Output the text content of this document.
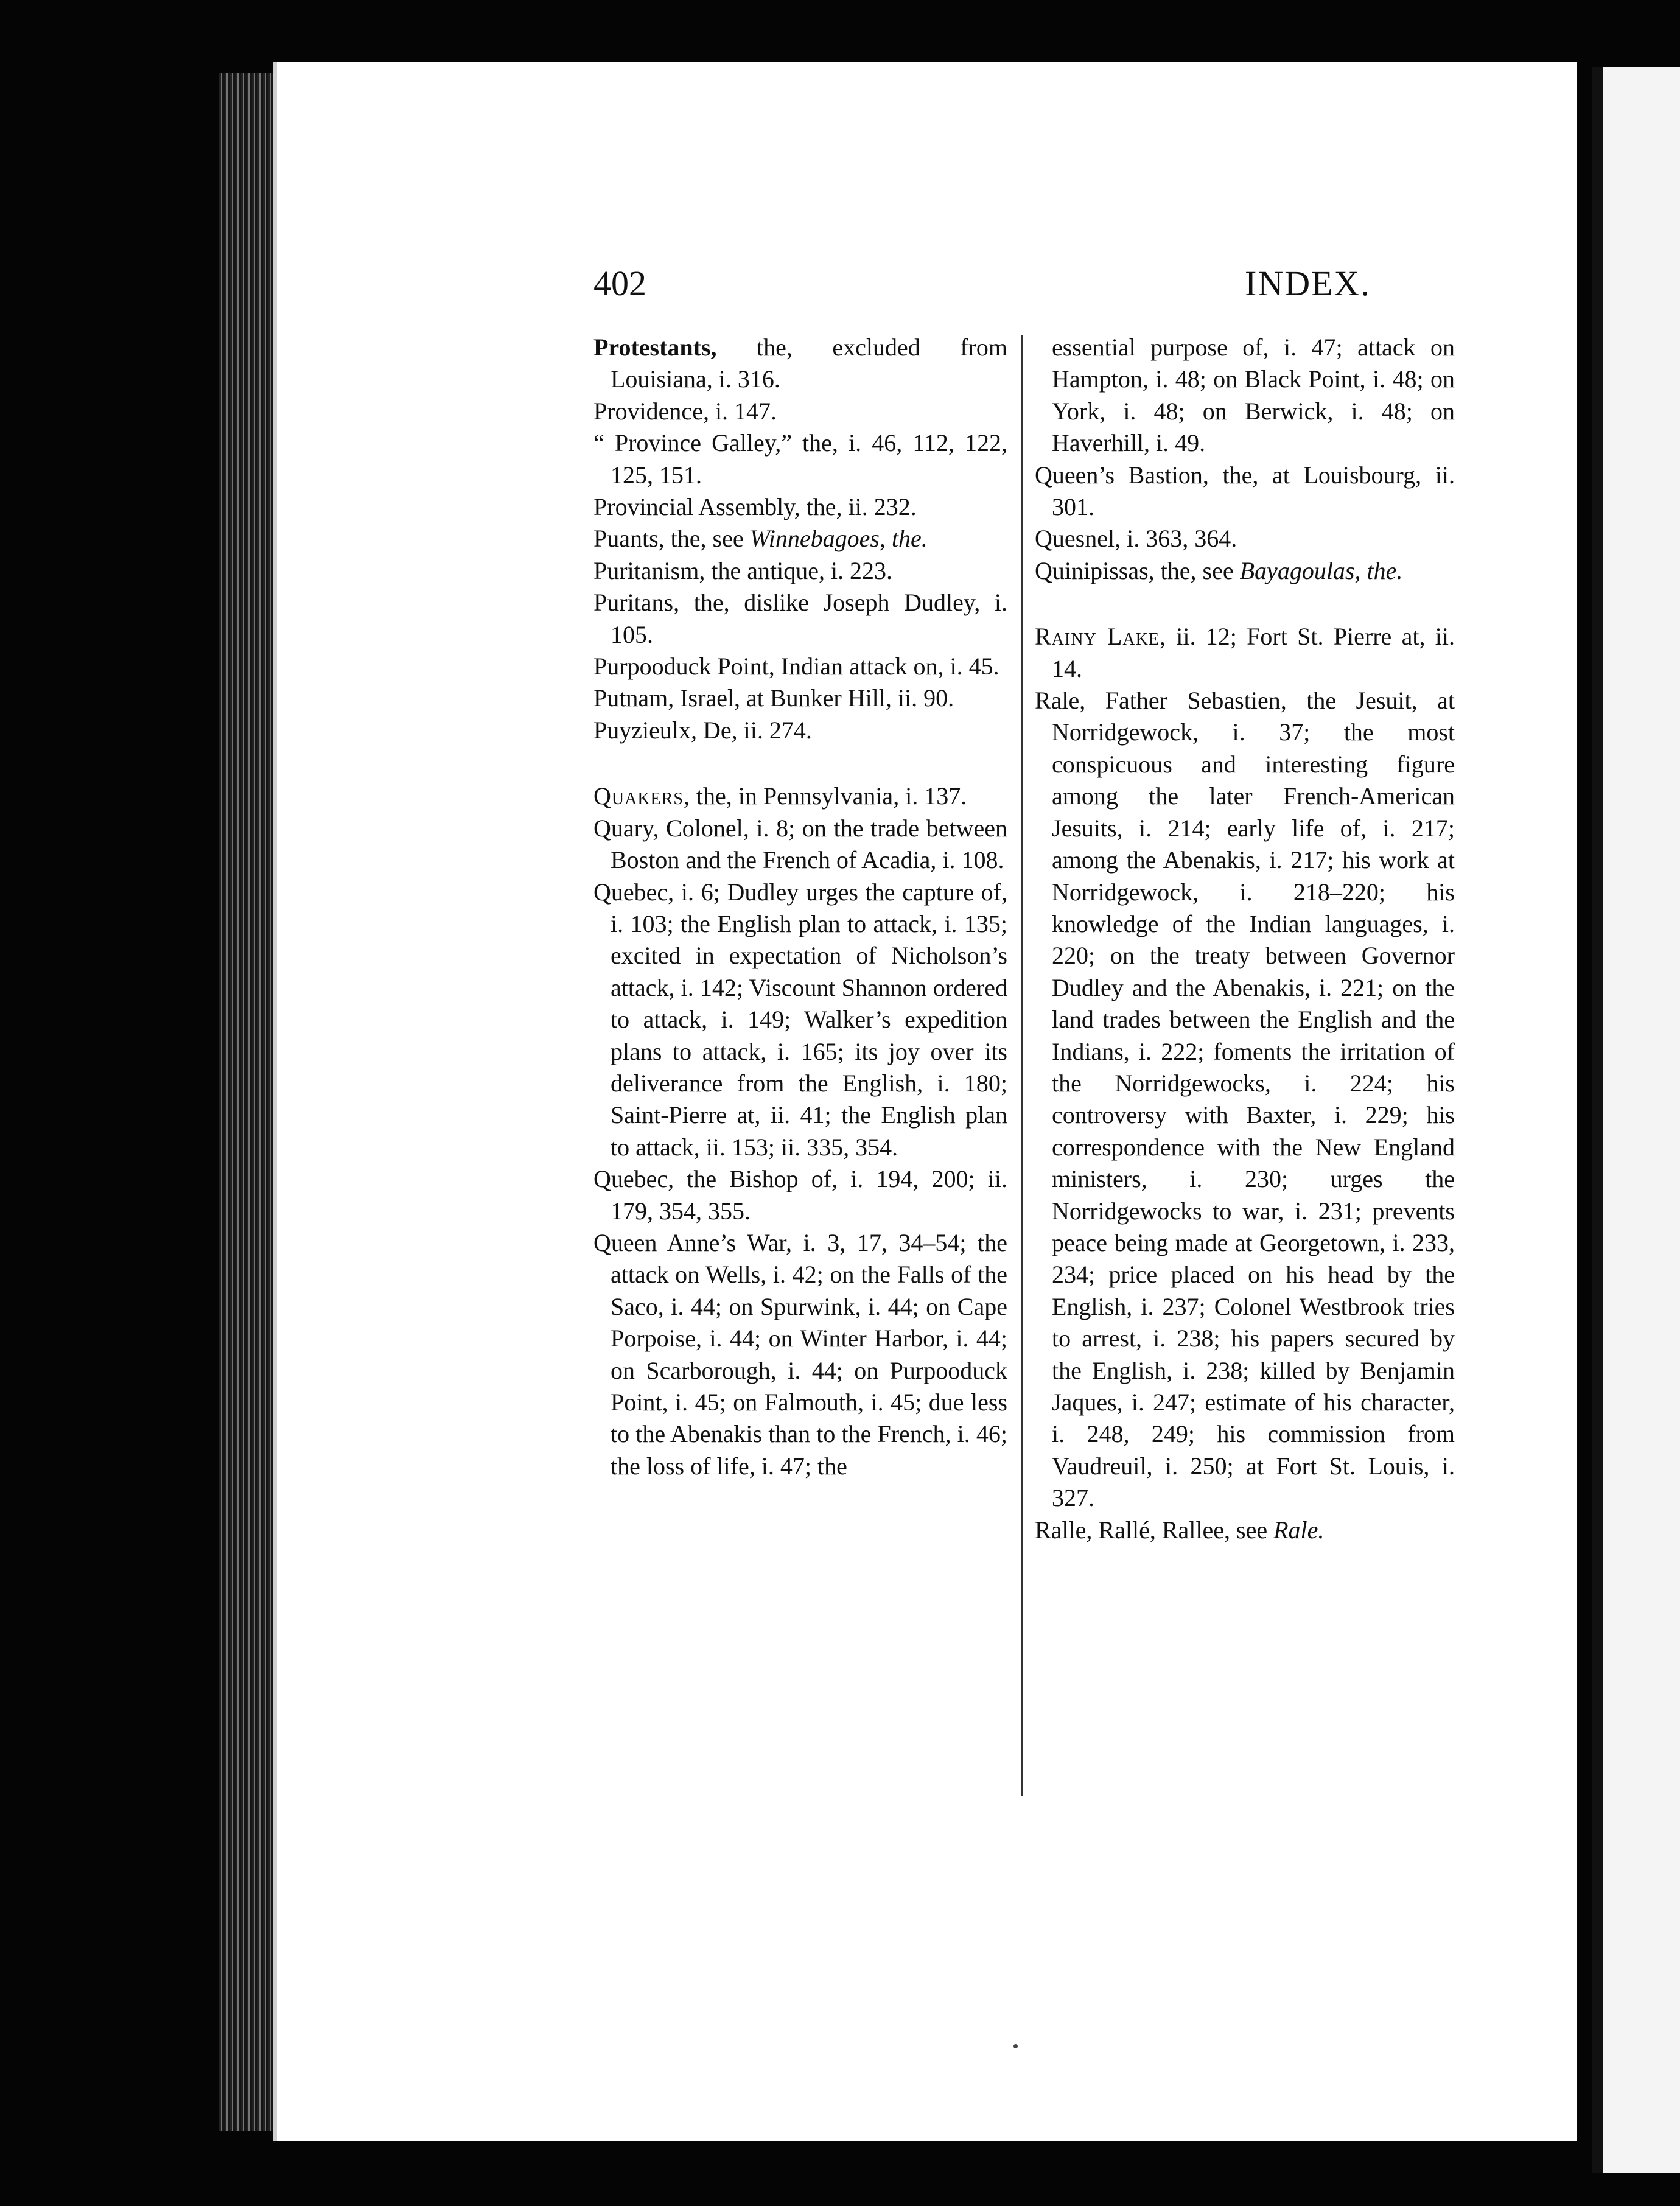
402	INDEX.

Protestants, the, excluded from Louisiana, i. 316.

Providence, i. 147.

“ Province Galley,” the, i. 46, 112, 122, 125, 151.

Provincial Assembly, the, ii. 232.

Puants, the, see Winnebagoes, the.

Puritanism, the antique, i. 223.

Puritans, the, dislike Joseph Dudley, i. 105.

Purpooduck Point, Indian attack on, i. 45.

Putnam, Israel, at Bunker Hill, ii. 90.

Puyzieulx, De, ii. 274.

Quakers, the, in Pennsylvania, i. 137.

Quary, Colonel, i. 8; on the trade between Boston and the French of Acadia, i. 108.

Quebec, i. 6; Dudley urges the capture of, i. 103; the English plan to attack, i. 135; excited in expectation of Nicholson’s attack, i. 142; Viscount Shannon ordered to attack, i. 149; Walker’s expedition plans to attack, i. 165; its joy over its deliverance from the English, i. 180; Saint-Pierre at, ii. 41; the English plan to attack, ii. 153; ii. 335, 354.

Quebec, the Bishop of, i. 194, 200; ii. 179, 354, 355.

Queen Anne’s War, i. 3, 17, 34–54; the attack on Wells, i. 42; on the Falls of the Saco, i. 44; on Spurwink, i. 44; on Cape Porpoise, i. 44; on Winter Harbor, i. 44; on Scarborough, i. 44; on Purpooduck Point, i. 45; on Falmouth, i. 45; due less to the Abenakis than to the French, i. 46; the loss of life, i. 47; the

essential purpose of, i. 47; attack on Hampton, i. 48; on Black Point, i. 48; on York, i. 48; on Berwick, i. 48; on Haverhill, i. 49.

Queen’s Bastion, the, at Louisbourg, ii. 301.

Quesnel, i. 363, 364.

Quinipissas, the, see Bayagoulas, the.

Rainy Lake, ii. 12; Fort St. Pierre at, ii. 14.

Rale, Father Sebastien, the Jesuit, at Norridgewock, i. 37; the most conspicuous and interesting figure among the later French-American Jesuits, i. 214; early life of, i. 217; among the Abenakis, i. 217; his work at Norridgewock, i. 218–220; his knowledge of the Indian languages, i. 220; on the treaty between Governor Dudley and the Abenakis, i. 221; on the land trades between the English and the Indians, i. 222; foments the irritation of the Norridgewocks, i. 224; his controversy with Baxter, i. 229; his correspondence with the New England ministers, i. 230; urges the Norridgewocks to war, i. 231; prevents peace being made at Georgetown, i. 233, 234; price placed on his head by the English, i. 237; Colonel Westbrook tries to arrest, i. 238; his papers secured by the English, i. 238; killed by Benjamin Jaques, i. 247; estimate of his character, i. 248, 249; his commission from Vaudreuil, i. 250; at Fort St. Louis, i. 327.

Ralle, Rallé, Rallee, see Rale.
